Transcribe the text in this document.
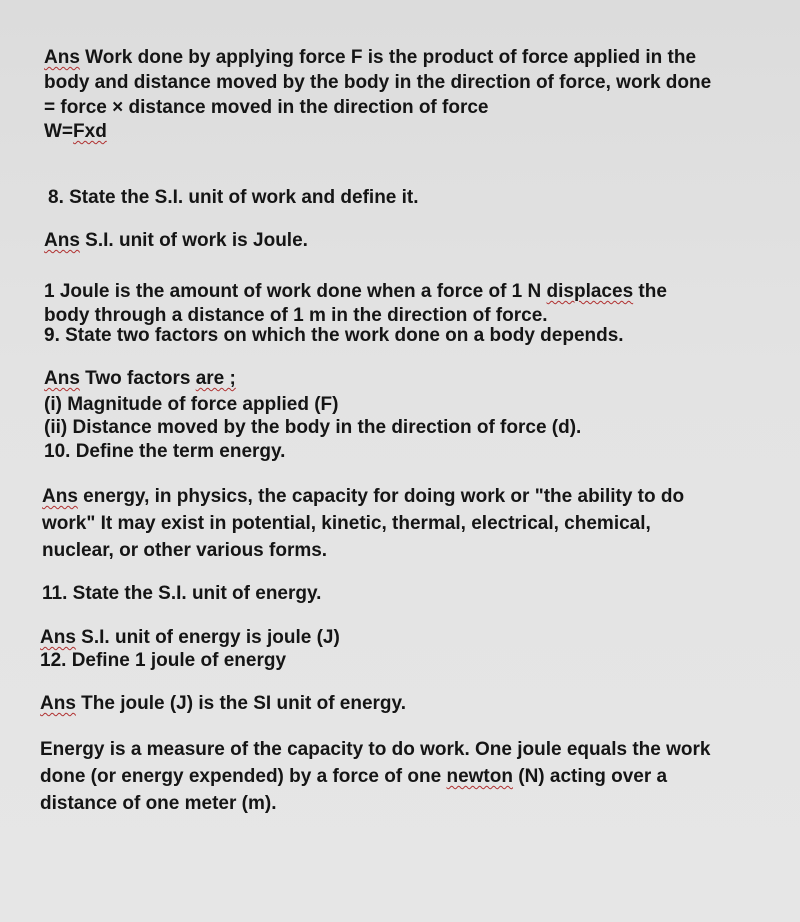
Ans Work done by applying force F is the product of force applied in the
body and distance moved by the body in the direction of force, work done
= force × distance moved in the direction of force
W=Fxd
8. State the S.I. unit of work and define it.
Ans S.I. unit of work is Joule.
1 Joule is the amount of work done when a force of 1 N displaces the
body through a distance of 1 m in the direction of force.
9. State two factors on which the work done on a body depends.
Ans Two factors are ;
(i) Magnitude of force applied (F)
(ii) Distance moved by the body in the direction of force (d).
10. Define the term energy.
Ans energy, in physics, the capacity for doing work or "the ability to do
work" It may exist in potential, kinetic, thermal, electrical, chemical,
nuclear, or other various forms.
11. State the S.I. unit of energy.
Ans S.I. unit of energy is joule (J)
12. Define 1 joule of energy
Ans The joule (J) is the SI unit of energy.
Energy is a measure of the capacity to do work. One joule equals the work
done (or energy expended) by a force of one newton (N) acting over a
distance of one meter (m).
